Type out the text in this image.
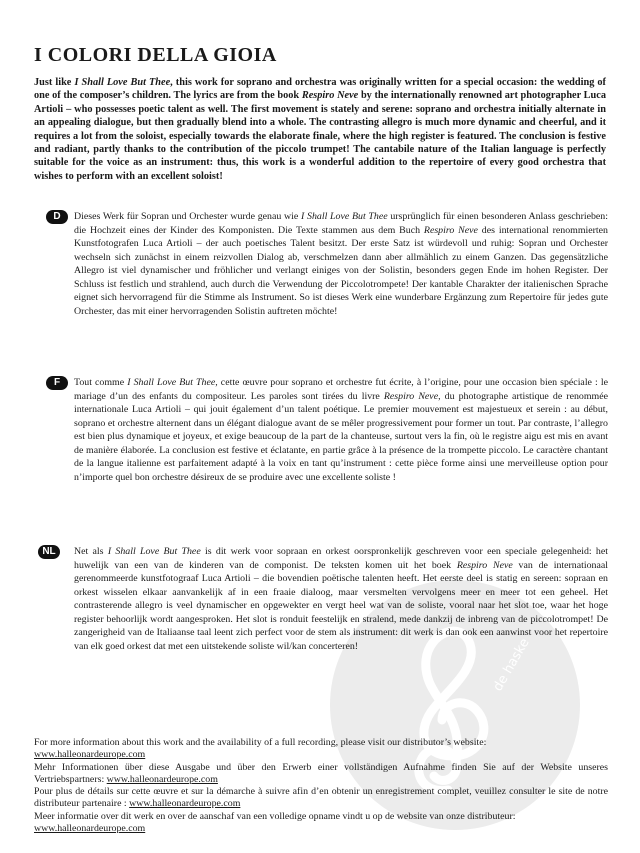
de haske
I COLORI DELLA GIOIA

Just like I Shall Love But Thee, this work for soprano and orchestra was originally written for a special occasion: the wedding of one of the composer’s children. The lyrics are from the book Respiro Neve by the internationally renowned art photographer Luca Artioli – who possesses poetic talent as well. The first movement is stately and serene: soprano and orchestra initially alternate in an appealing dialogue, but then gradually blend into a whole. The contrasting allegro is much more dynamic and cheerful, and it requires a lot from the soloist, especially towards the elaborate finale, where the high register is featured. The conclusion is festive and radiant, partly thanks to the contribution of the piccolo trumpet! The cantabile nature of the Italian language is perfectly suitable for the voice as an instrument: thus, this work is a wonderful addition to the repertoire of every good orchestra that wishes to perform with an excellent soloist!

D	Dieses Werk für Sopran und Orchester wurde genau wie I Shall Love But Thee ursprünglich für einen besonderen Anlass geschrieben: die Hochzeit eines der Kinder des Komponisten. Die Texte stammen aus dem Buch Respiro Neve des international renommierten Kunstfotografen Luca Artioli – der auch poetisches Talent besitzt. Der erste Satz ist würdevoll und ruhig: Sopran und Orchester wechseln sich zunächst in einem reizvollen Dialog ab, verschmelzen dann aber allmählich zu einem Ganzen. Das gegensätzliche Allegro ist viel dynamischer und fröhlicher und verlangt einiges von der Solistin, besonders gegen Ende im hohen Register. Der Schluss ist festlich und strahlend, auch durch die Verwendung der Piccolotrompete! Der kantable Charakter der italienischen Sprache eignet sich hervorragend für die Stimme als Instrument. So ist dieses Werk eine wunderbare Ergänzung zum Repertoire für jedes gute Orchester, das mit einer hervorragenden Solistin auftreten möchte!

F	Tout comme I Shall Love But Thee, cette œuvre pour soprano et orchestre fut écrite, à l’origine, pour une occasion bien spéciale : le mariage d’un des enfants du compositeur. Les paroles sont tirées du livre Respiro Neve, du photographe artistique de renommée internationale Luca Artioli – qui jouit également d’un talent poétique. Le premier mouvement est majestueux et serein : au début, soprano et orchestre alternent dans un élégant dialogue avant de se mêler progressivement pour former un tout. Par contraste, l’allegro est bien plus dynamique et joyeux, et exige beaucoup de la part de la chanteuse, surtout vers la fin, où le registre aigu est mis en avant de manière élaborée. La conclusion est festive et éclatante, en partie grâce à la présence de la trompette piccolo. Le caractère chantant de la langue italienne est parfaitement adapté à la voix en tant qu’instrument : cette pièce forme ainsi une merveilleuse option pour n’importe quel bon orchestre désireux de se produire avec une excellente soliste !

NL	Net als I Shall Love But Thee is dit werk voor sopraan en orkest oorspronkelijk geschreven voor een speciale gelegenheid: het huwelijk van een van de kinderen van de componist. De teksten komen uit het boek Respiro Neve van de internationaal gerenommeerde kunstfotograaf Luca Artioli – die bovendien poëtische talenten heeft. Het eerste deel is statig en sereen: sopraan en orkest wisselen elkaar aanvankelijk af in een fraaie dialoog, maar versmelten vervolgens meer en meer tot een geheel. Het contrasterende allegro is veel dynamischer en opgewekter en vergt heel wat van de soliste, vooral naar het slot toe, waar het hoge register behoorlijk wordt aangesproken. Het slot is ronduit feestelijk en stralend, mede dankzij de inbreng van de piccolotrompet! De zangerigheid van de Italiaanse taal leent zich perfect voor de stem als instrument: dit werk is dan ook een aanwinst voor het repertoire van elk goed orkest dat met een uitstekende soliste wil/kan concerteren!

For more information about this work and the availability of a full recording, please visit our distributor’s website:
www.halleonardeurope.com
Mehr Informationen über diese Ausgabe und über den Erwerb einer vollständigen Aufnahme finden Sie auf der Website unseres Vertriebspartners: www.halleonardeurope.com
Pour plus de détails sur cette œuvre et sur la démarche à suivre afin d’en obtenir un enregistrement complet, veuillez consulter le site de notre distributeur partenaire : www.halleonardeurope.com
Meer informatie over dit werk en over de aanschaf van een volledige opname vindt u op de website van onze distributeur:
www.halleonardeurope.com
